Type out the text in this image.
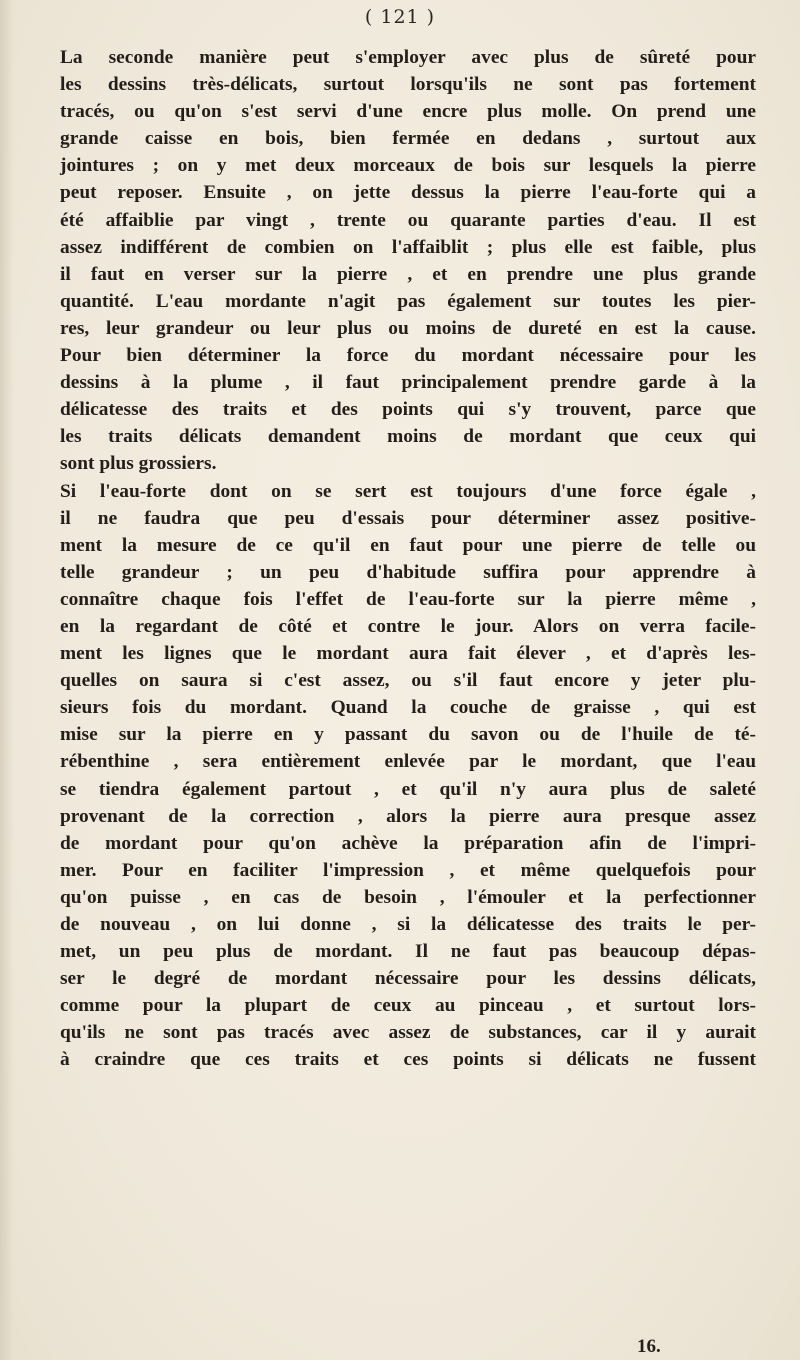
( 121 )
La seconde manière peut s'employer avec plus de sûreté pour
les dessins très-délicats, surtout lorsqu'ils ne sont pas fortement
tracés, ou qu'on s'est servi d'une encre plus molle. On prend une
grande caisse en bois, bien fermée en dedans , surtout aux
jointures ; on y met deux morceaux de bois sur lesquels la pierre
peut reposer. Ensuite , on jette dessus la pierre l'eau-forte qui a
été affaiblie par vingt , trente ou quarante parties d'eau. Il est
assez indifférent de combien on l'affaiblit ; plus elle est faible, plus
il faut en verser sur la pierre , et en prendre une plus grande
quantité. L'eau mordante n'agit pas également sur toutes les pier-
res, leur grandeur ou leur plus ou moins de dureté en est la cause.
Pour bien déterminer la force du mordant nécessaire pour les
dessins à la plume , il faut principalement prendre garde à la
délicatesse des traits et des points qui s'y trouvent, parce que
les traits délicats demandent moins de mordant que ceux qui
sont plus grossiers.
Si l'eau-forte dont on se sert est toujours d'une force égale ,
il ne faudra que peu d'essais pour déterminer assez positive-
ment la mesure de ce qu'il en faut pour une pierre de telle ou
telle grandeur ; un peu d'habitude suffira pour apprendre à
connaître chaque fois l'effet de l'eau-forte sur la pierre même ,
en la regardant de côté et contre le jour. Alors on verra facile-
ment les lignes que le mordant aura fait élever , et d'après les-
quelles on saura si c'est assez, ou s'il faut encore y jeter plu-
sieurs fois du mordant. Quand la couche de graisse , qui est
mise sur la pierre en y passant du savon ou de l'huile de té-
rébenthine , sera entièrement enlevée par le mordant, que l'eau
se tiendra également partout , et qu'il n'y aura plus de saleté
provenant de la correction , alors la pierre aura presque assez
de mordant pour qu'on achève la préparation afin de l'impri-
mer. Pour en faciliter l'impression , et même quelquefois pour
qu'on puisse , en cas de besoin , l'émouler et la perfectionner
de nouveau , on lui donne , si la délicatesse des traits le per-
met, un peu plus de mordant. Il ne faut pas beaucoup dépas-
ser le degré de mordant nécessaire pour les dessins délicats,
comme pour la plupart de ceux au pinceau , et surtout lors-
qu'ils ne sont pas tracés avec assez de substances, car il y aurait
à craindre que ces traits et ces points si délicats ne fussent
16.
